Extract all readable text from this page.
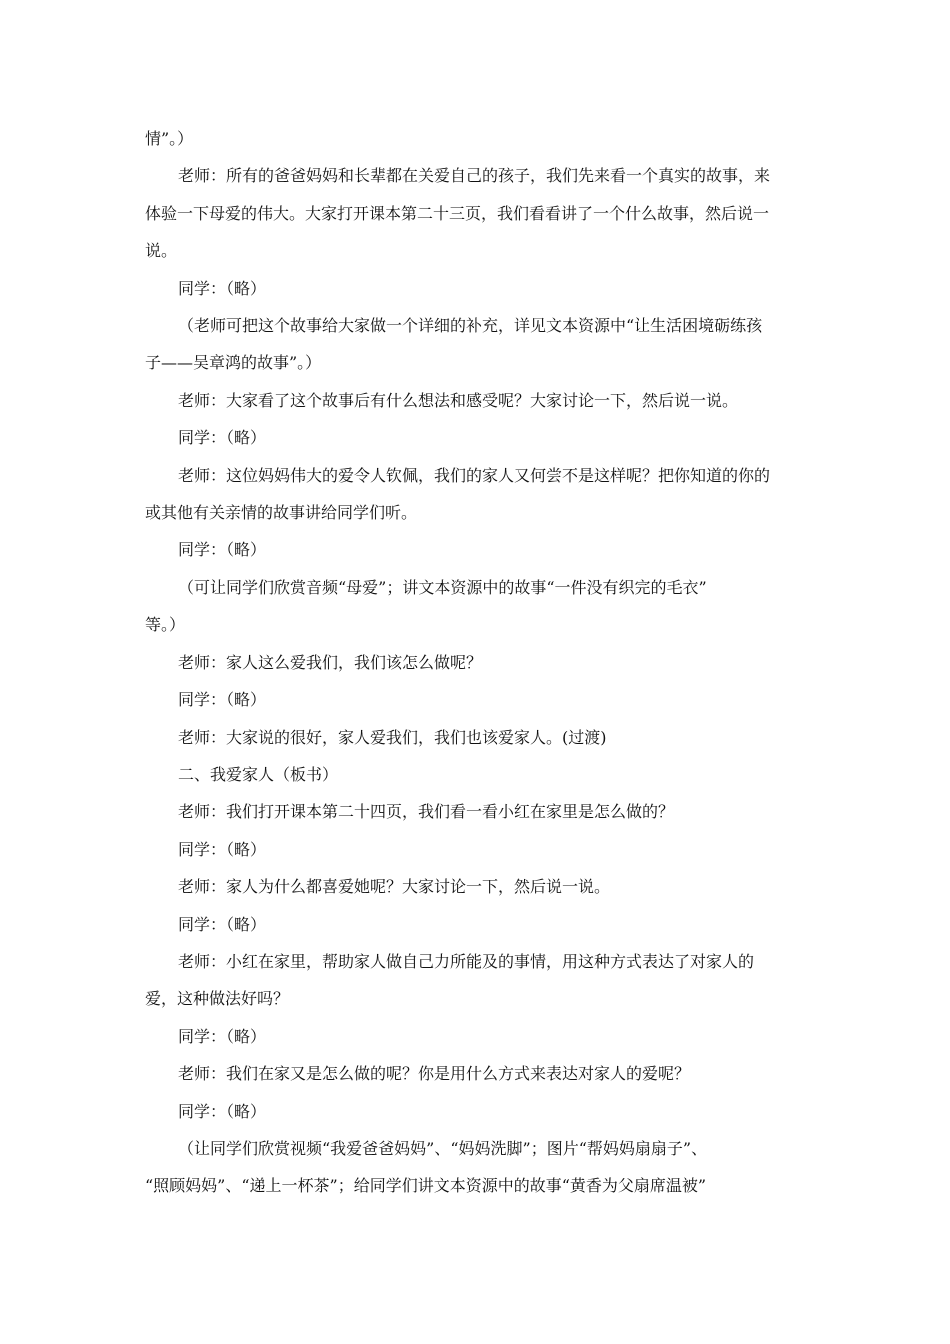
情”。）
老师：所有的爸爸妈妈和长辈都在关爱自己的孩子，我们先来看一个真实的故事，来
体验一下母爱的伟大。大家打开课本第二十三页，我们看看讲了一个什么故事，然后说一
说。
同学：（略）
（老师可把这个故事给大家做一个详细的补充，详见文本资源中“让生活困境砺练孩
子——吴章鸿的故事”。）
老师：大家看了这个故事后有什么想法和感受呢？大家讨论一下，然后说一说。
同学：（略）
老师：这位妈妈伟大的爱令人钦佩，我们的家人又何尝不是这样呢？把你知道的你的
或其他有关亲情的故事讲给同学们听。
同学：（略）
（可让同学们欣赏音频“母爱”；讲文本资源中的故事“一件没有织完的毛衣”
等。）
老师：家人这么爱我们，我们该怎么做呢？
同学：（略）
老师：大家说的很好，家人爱我们，我们也该爱家人。(过渡)
二、我爱家人（板书）
老师：我们打开课本第二十四页，我们看一看小红在家里是怎么做的？
同学：（略）
老师：家人为什么都喜爱她呢？大家讨论一下，然后说一说。
同学：（略）
老师：小红在家里，帮助家人做自己力所能及的事情，用这种方式表达了对家人的
爱，这种做法好吗？
同学：（略）
老师：我们在家又是怎么做的呢？你是用什么方式来表达对家人的爱呢？
同学：（略）
（让同学们欣赏视频“我爱爸爸妈妈”、“妈妈洗脚”；图片“帮妈妈扇扇子”、
“照顾妈妈”、“递上一杯茶”；给同学们讲文本资源中的故事“黄香为父扇席温被”
